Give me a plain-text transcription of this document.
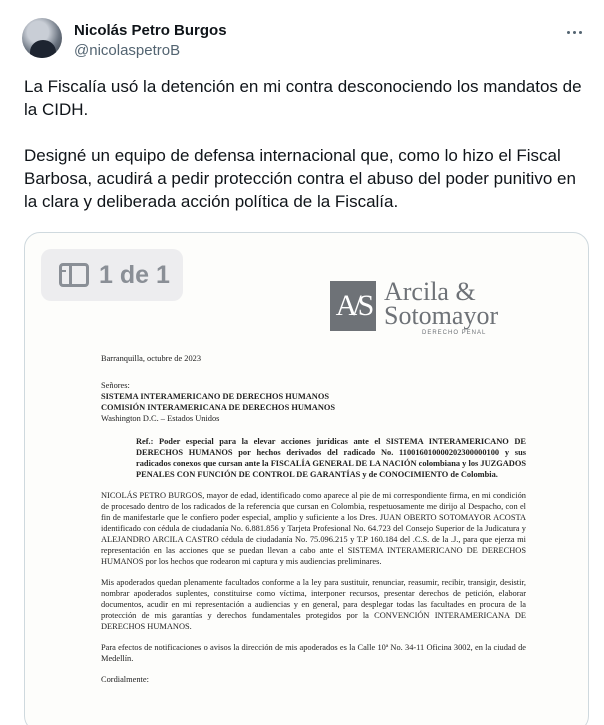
Nicolás Petro Burgos
@nicolaspetroB

La Fiscalía usó la detención en mi contra desconociendo los mandatos de la CIDH.

Designé un equipo de defensa internacional que, como lo hizo el Fiscal Barbosa, acudirá a pedir protección contra el abuso del poder punitivo en la clara y deliberada acción política de la Fiscalía.

1 de 1
A/S Arcila &
Sotomayor
DERECHO PENAL
Barranquilla, octubre de 2023
Señores:
SISTEMA INTERAMERICANO DE DERECHOS HUMANOS
COMISIÓN INTERAMERICANA DE DERECHOS HUMANOS
Washington D.C. – Estados Unidos
Ref.: Poder especial para la elevar acciones jurídicas ante el SISTEMA INTERAMERICANO DE DERECHOS HUMANOS por hechos derivados del radicado No. 110016010000202300000100 y sus radicados conexos que cursan ante la FISCALÍA GENERAL DE LA NACIÓN colombiana y los JUZGADOS PENALES CON FUNCIÓN DE CONTROL DE GARANTÍAS y de CONOCIMIENTO de Colombia.
NICOLÁS PETRO BURGOS, mayor de edad, identificado como aparece al pie de mi correspondiente firma, en mi condición de procesado dentro de los radicados de la referencia que cursan en Colombia, respetuosamente me dirijo al Despacho, con el fin de manifestarle que le confiero poder especial, amplio y suficiente a los Dres. JUAN OBERTO SOTOMAYOR ACOSTA identificado con cédula de ciudadanía No. 6.881.856 y Tarjeta Profesional No. 64.723 del Consejo Superior de la Judicatura y ALEJANDRO ARCILA CASTRO cédula de ciudadanía No. 75.096.215 y T.P 160.184 del .C.S. de la .J., para que ejerza mi representación en las acciones que se puedan llevan a cabo ante el SISTEMA INTERAMERICANO DE DERECHOS HUMANOS por los hechos que rodearon mi captura y mis audiencias preliminares.
Mis apoderados quedan plenamente facultados conforme a la ley para sustituir, renunciar, reasumir, recibir, transigir, desistir, nombrar apoderados suplentes, constituirse como víctima, interponer recursos, presentar derechos de petición, elaborar documentos, acudir en mi representación a audiencias y en general, para desplegar todas las facultades en procura de la protección de mis garantías y derechos fundamentales protegidos por la CONVENCIÓN INTERAMERICANA DE DERECHOS HUMANOS.
Para efectos de notificaciones o avisos la dirección de mis apoderados es la Calle 10ª No. 34-11 Oficina 3002, en la ciudad de Medellín.
Cordialmente:
